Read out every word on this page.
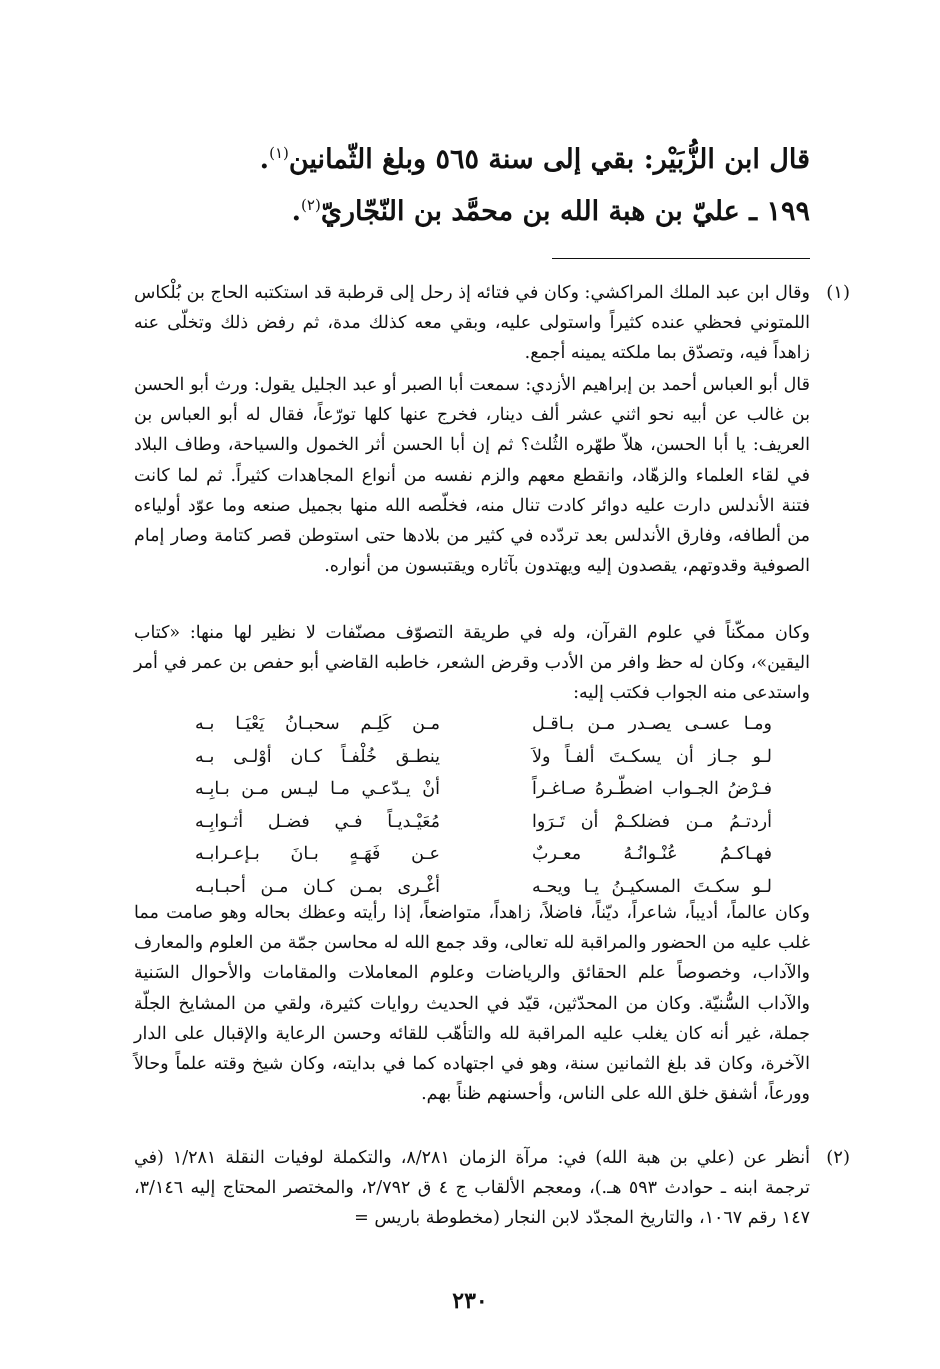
قال ابن الزُّبَيْر: بقي إلى سنة ٥٦٥ وبلغ الثّمانين$^{(١)}$.
١٩٩ ـ عليّ بن هبة الله بن محمَّد بن النّجّاريّ$^{(٢)}$.
(١)
وقال ابن عبد الملك المراكشي: وكان في فتائه إذ رحل إلى قرطبة قد استكتبه الحاج بن بُلْكاس اللمتوني فحظي عنده كثيراً واستولى عليه، وبقي معه كذلك مدة، ثم رفض ذلك وتخلّى عنه زاهداً فيه، وتصدّق بما ملكته يمينه أجمع.
قال أبو العباس أحمد بن إبراهيم الأزدي: سمعت أبا الصبر أو عبد الجليل يقول: ورث أبو الحسن بن غالب عن أبيه نحو اثني عشر ألف دينار، فخرج عنها كلها تورّعاً، فقال له أبو العباس بن العريف: يا أبا الحسن، هلاّ طهّره الثُلث؟ ثم إن أبا الحسن أثر الخمول والسياحة، وطاف البلاد في لقاء العلماء والزهّاد، وانقطع معهم والزم نفسه من أنواع المجاهدات كثيراً. ثم لما كانت فتنة الأندلس دارت عليه دوائر كادت تنال منه، فخلّصه الله منها بجميل صنعه وما عوّد أولياءه من ألطافه، وفارق الأندلس بعد تردّده في كثير من بلادها حتى استوطن قصر كتامة وصار إمام الصوفية وقدوتهم، يقصدون إليه ويهتدون بآثاره ويقتبسون من أنواره.
وكان ممكّناً في علوم القرآن، وله في طريقة التصوّف مصنّفات لا نظير لها منها: «كتاب اليقين»، وكان له حظ وافر من الأدب وقرض الشعر، خاطبه القاضي أبو حفص بن عمر في أمر واستدعى منه الجواب فكتب إليه:
ومـا عسـى يصـدر مـن بـاقـل
مـن كَلِـم سحبـانُ يَعْيَـا بـه
لـو جـاز أن يسكـتَ ألفـاً ولاَ
ينطـق خُلْفـاً كـان أوْلـى بـه
فـرْضُ الجـواب اضطّـرهُ صـاغـراً
أنْ يـدّعـي مـا ليـس مـن بـابِـه
أردتـمُ مـن فضلكـمْ أن تَـرَوا
مُعَيْـديـاً فـي فضـل أثـوابِـه
فهـاكـمُ عُنْـوانُـهُ معـربٌ
عـن فَهَـهٍ بـانَ بـإعـرابـه
لـو سكـتَ المسكيـنُ يـا ويحـه
أغْـرى بمـن كـان مـن أحبـابـه
وكان عالماً، أديباً، شاعراً، ديّناً، فاضلاً، زاهداً، متواضعاً، إذا رأيته وعظك بحاله وهو صامت مما غلب عليه من الحضور والمراقبة لله تعالى، وقد جمع الله له محاسن جمّة من العلوم والمعارف والآداب، وخصوصاً علم الحقائق والرياضات وعلوم المعاملات والمقامات والأحوال السَنية والآداب السُّنيّة. وكان من المحدّثين، قيّد في الحديث روايات كثيرة، ولقي من المشايخ الجلّة جملة، غير أنه كان يغلب عليه المراقبة لله والتأهّب للقائه وحسن الرعاية والإقبال على الدار الآخرة، وكان قد بلغ الثمانين سنة، وهو في اجتهاده كما في بدايته، وكان شيخ وقته علماً وحالاً وورعاً، أشفق خلق الله على الناس، وأحسنهم ظناً بهم.
(٢)
أنظر عن (علي بن هبة الله) في: مرآة الزمان ٨/٢٨١، والتكملة لوفيات النقلة ١/٢٨١ (في ترجمة ابنه ـ حوادث ٥٩٣ هـ.)، ومعجم الألقاب ج ٤ ق ٢/٧٩٢، والمختصر المحتاج إليه ٣/١٤٦، ١٤٧ رقم ١٠٦٧، والتاريخ المجدّد لابن النجار (مخطوطة باريس =
٢٣٠
